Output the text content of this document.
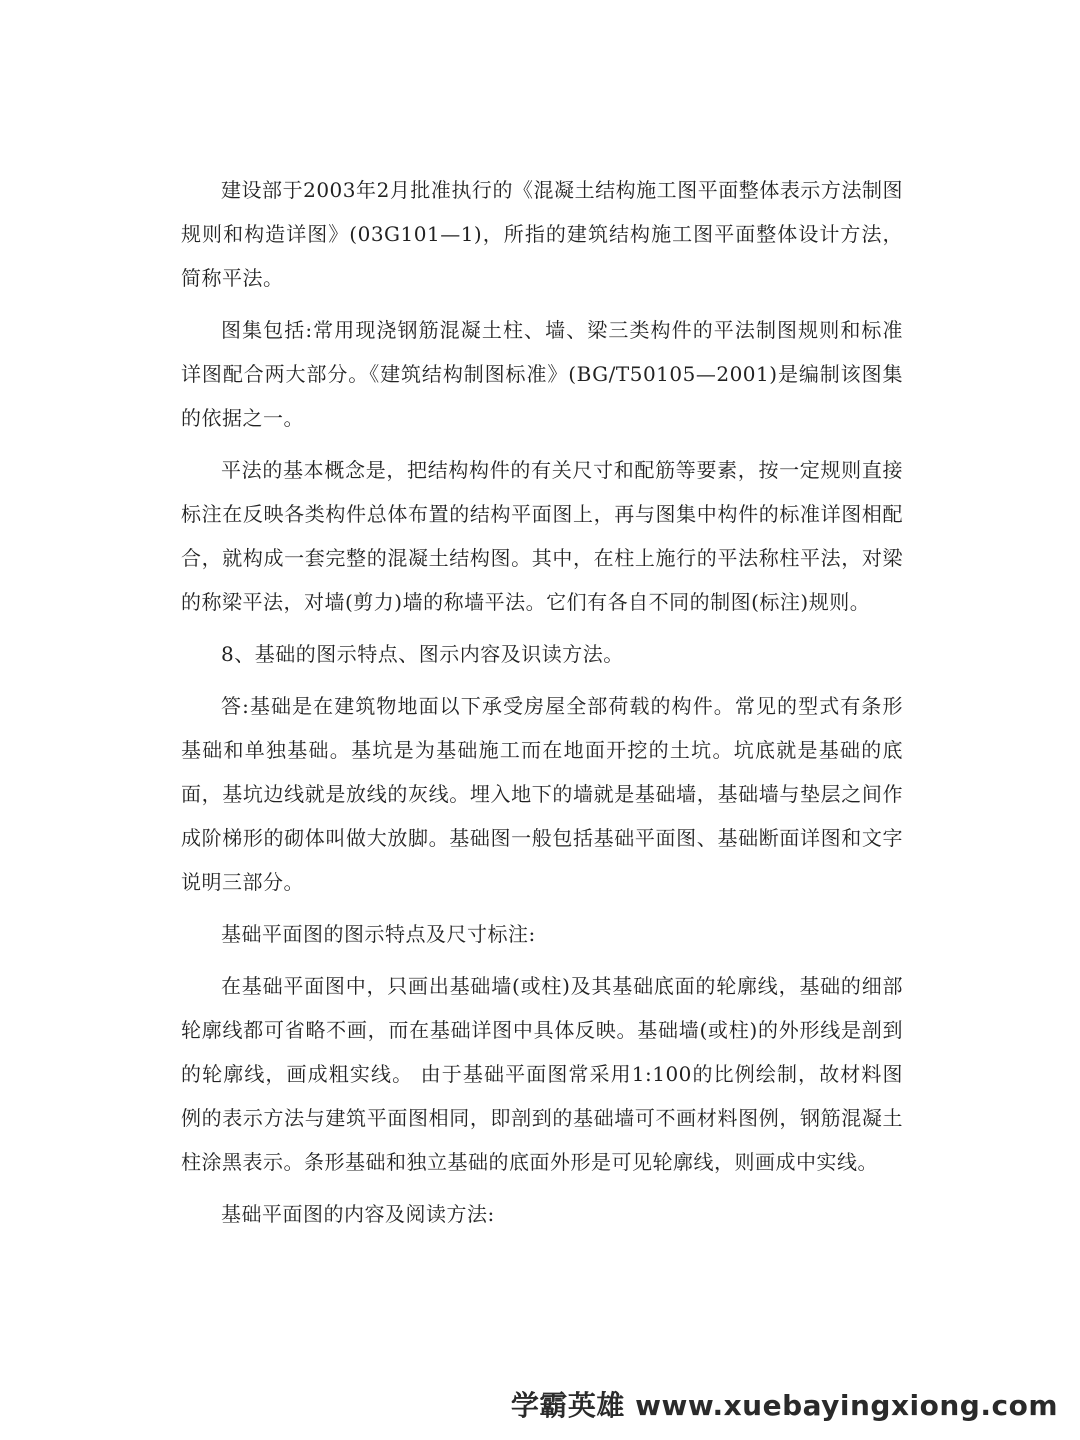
建设部于2003年2月批准执行的《混凝土结构施工图平面整体表示方法制图规则和构造详图》(03G101—1)，所指的建筑结构施工图平面整体设计方法，简称平法。

图集包括:常用现浇钢筋混凝土柱、墙、梁三类构件的平法制图规则和标准详图配合两大部分。《建筑结构制图标准》(BG/T50105—2001)是编制该图集的依据之一。

平法的基本概念是，把结构构件的有关尺寸和配筋等要素，按一定规则直接标注在反映各类构件总体布置的结构平面图上，再与图集中构件的标准详图相配合，就构成一套完整的混凝土结构图。其中，在柱上施行的平法称柱平法，对梁的称梁平法，对墙(剪力)墙的称墙平法。它们有各自不同的制图(标注)规则。

8、基础的图示特点、图示内容及识读方法。

答:基础是在建筑物地面以下承受房屋全部荷载的构件。常见的型式有条形基础和单独基础。基坑是为基础施工而在地面开挖的土坑。坑底就是基础的底面，基坑边线就是放线的灰线。埋入地下的墙就是基础墙，基础墙与垫层之间作成阶梯形的砌体叫做大放脚。基础图一般包括基础平面图、基础断面详图和文字说明三部分。

基础平面图的图示特点及尺寸标注:

在基础平面图中，只画出基础墙(或柱)及其基础底面的轮廓线，基础的细部轮廓线都可省略不画，而在基础详图中具体反映。基础墙(或柱)的外形线是剖到的轮廓线，画成粗实线。 由于基础平面图常采用1:100的比例绘制，故材料图例的表示方法与建筑平面图相同，即剖到的基础墙可不画材料图例，钢筋混凝土柱涂黑表示。条形基础和独立基础的底面外形是可见轮廓线，则画成中实线。

基础平面图的内容及阅读方法:

学霸英雄 www.xuebayingxiong.com
